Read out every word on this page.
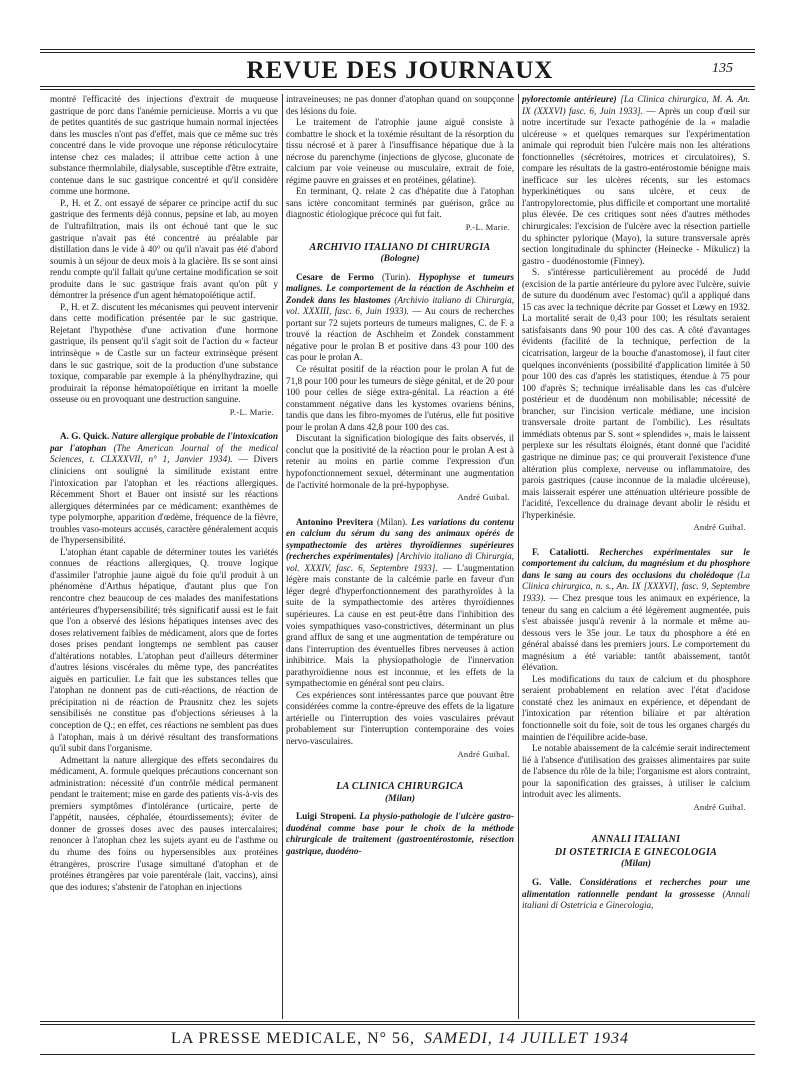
REVUE DES JOURNAUX	135

montré l'efficacité des injections d'extrait de muqueuse gastrique de porc dans l'anémie pernicieuse. Morris a vu que de petites quantités de suc gastrique humain normal injectées dans les muscles n'ont pas d'effet, mais que ce même suc très concentré dans le vide provoque une réponse réticulocytaire intense chez ces malades; il attribue cette action à une substance thermolabile, dialysable, susceptible d'être extraite, contenue dans le suc gastrique concentré et qu'il considère comme une hormone.

P., H. et Z. ont essayé de séparer ce principe actif du suc gastrique des ferments déjà connus, pepsine et lab, au moyen de l'ultrafiltration, mais ils ont échoué tant que le suc gastrique n'avait pas été concentré au préalable par distillation dans le vide à 40° ou qu'il n'avait pas été d'abord soumis à un séjour de deux mois à la glacière. Ils se sont ainsi rendu compte qu'il fallait qu'une certaine modification se soit produite dans le suc gastrique frais avant qu'on pût y démontrer la présence d'un agent hématopoïétique actif.

P., H. et Z. discutent les mécanismes qui peuvent intervenir dans cette modification présentée par le suc gastrique. Rejetant l'hypothèse d'une activation d'une hormone gastrique, ils pensent qu'il s'agit soit de l'action du « facteur intrinsèque » de Castle sur un facteur extrinsèque présent dans le suc gastrique, soit de la production d'une substance toxique, comparable par exemple à la phénylhydrazine, qui produirait la réponse hématopoïétique en irritant la moelle osseuse ou en provoquant une destruction sanguine.

P.-L. Marie.

A. G. Quick. Nature allergique probable de l'intoxication par l'atophan (The American Journal of the medical Sciences, t. CLXXXVII, n° 1, Janvier 1934). — Divers cliniciens ont souligné la similitude existant entre l'intoxication par l'atophan et les réactions allergiques. Récemment Short et Bauer ont insisté sur les réactions allergiques déterminées par ce médicament: exanthèmes de type polymorphe, apparition d'œdème, fréquence de la fièvre, troubles vaso-moteurs accusés, caractère généralement acquis de l'hypersensibilité.

L'atophan étant capable de déterminer toutes les variétés connues de réactions allergiques, Q. trouve logique d'assimiler l'atrophie jaune aiguë du foie qu'il produit à un phénomène d'Arthus hépatique, d'autant plus que l'on rencontre chez beaucoup de ces malades des manifestations antérieures d'hypersensibilité; très significatif aussi est le fait que l'on a observé des lésions hépatiques intenses avec des doses relativement faibles de médicament, alors que de fortes doses prises pendant longtemps ne semblent pas causer d'altérations notables. L'atophan peut d'ailleurs déterminer d'autres lésions viscérales du même type, des pancréatites aiguës en particulier. Le fait que les substances telles que l'atophan ne donnent pas de cuti-réactions, de réaction de précipitation ni de réaction de Prausnitz chez les sujets sensibilisés ne constitue pas d'objections sérieuses à la conception de Q.; en effet, ces réactions ne semblent pas dues à l'atophan, mais à un dérivé résultant des transformations qu'il subit dans l'organisme.

Admettant la nature allergique des effets secondaires du médicament, A. formule quelques précautions concernant son administration: nécessité d'un contrôle médical permanent pendant le traitement; mise en garde des patients vis-à-vis des premiers symptômes d'intolérance (urticaire, perte de l'appétit, nausées, céphalée, étourdissements); éviter de donner de grosses doses avec des pauses intercalaires; renoncer à l'atophan chez les sujets ayant eu de l'asthme ou du rhume des foins ou hypersensibles aux protéines étrangères, proscrire l'usage simultané d'atophan et de protéines étrangères par voie parentérale (lait, vaccins), ainsi que des iodures; s'abstenir de l'atophan en injections

intraveineuses; ne pas donner d'atophan quand on soupçonne des lésions du foie.

Le traitement de l'atrophie jaune aiguë consiste à combattre le shock et la toxémie résultant de la résorption du tissu nécrosé et à parer à l'insuffisance hépatique due à la nécrose du parenchyme (injections de glycose, gluconate de calcium par voie veineuse ou musculaire, extrait de foie, régime pauvre en graisses et en protéines, gélatine).

En terminant, Q. relate 2 cas d'hépatite due à l'atophan sans ictère concomitant terminés par guérison, grâce au diagnostic étiologique précoce qui fut fait.

P.-L. Marie.
ARCHIVIO ITALIANO DI CHIRURGIA
(Bologne)

Cesare de Fermo (Turin). Hypophyse et tumeurs malignes. Le comportement de la réaction de Aschheim et Zondek dans les blastomes (Archivio italiano di Chirurgia, vol. XXXIII, fasc. 6, Juin 1933). — Au cours de recherches portant sur 72 sujets porteurs de tumeurs malignes, C. de F. a trouvé la réaction de Aschheim et Zondek constamment négative pour le prolan B et positive dans 43 pour 100 des cas pour le prolan A.

Ce résultat positif de la réaction pour le prolan A fut de 71,8 pour 100 pour les tumeurs de siège génital, et de 20 pour 100 pour celles de siège extra-génital. La réaction a été constamment négative dans les kystomes ovariens bénins, tandis que dans les fibro-myomes de l'utérus, elle fut positive pour le prolan A dans 42,8 pour 100 des cas.

Discutant la signification biologique des faits observés, il conclut que la positivité de la réaction pour le prolan A est à retenir au moins en partie comme l'expression d'un hypofonctionnement sexuel, déterminant une augmentation de l'activité hormonale de la pré-hypophyse.

André Guibal.

Antonino Previtera (Milan). Les variations du contenu en calcium du sérum du sang des animaux opérés de sympathectomie des artères thyroïdiennes supérieures (recherches expérimentales) [Archivio italiano di Chirurgia, vol. XXXIV, fasc. 6, Septembre 1933]. — L'augmentation légère mais constante de la calcémie parle en faveur d'un léger degré d'hyperfonctionnement des parathyroïdes à la suite de la sympathectomie des artères thyroïdiennes supérieures. La cause en est peut-être dans l'inhibition des voies sympathiques vaso-constrictives, déterminant un plus grand afflux de sang et une augmentation de température ou dans l'interruption des éventuelles fibres nerveuses à action inhibitrice. Mais la physiopathologie de l'innervation parathyroïdienne nous est inconnue, et les effets de la sympathectomie en général sont peu clairs.

Ces expériences sont intéressantes parce que pouvant être considérées comme la contre-épreuve des effets de la ligature artérielle ou l'interruption des voies vasculaires prévaut probablement sur l'interruption contemporaine des voies nervo-vasculaires.

André Guibal.
LA CLINICA CHIRURGICA
(Milan)

Luigi Stropeni. La physio-pathologie de l'ulcère gastro-duodénal comme base pour le choix de la méthode chirurgicale de traitement (gastroentérostomie, résection gastrique, duodéno-

pylorectomie antérieure) [La Clinica chirurgica, M. A. An. IX (XXXVI) fasc. 6, Juin 1933]. — Après un coup d'œil sur notre incertitude sur l'exacte pathogénie de la « maladie ulcéreuse » et quelques remarques sur l'expérimentation animale qui reproduit bien l'ulcère mais non les altérations fonctionnelles (sécrétoires, motrices et circulatoires), S. compare les résultats de la gastro-entérostomie bénigne mais inefficace sur les ulcères récents, sur les estomacs hyperkinétiques ou sans ulcère, et ceux de l'antropylorectomie, plus difficile et comportant une mortalité plus élevée. De ces critiques sont nées d'autres méthodes chirurgicales: l'excision de l'ulcère avec la résection partielle du sphincter pylorique (Mayo), la suture transversale après section longitudinale du sphincter (Heinecke - Mikulicz) la gastro - duodénostomie (Finney).

S. s'intéresse particulièrement au procédé de Judd (excision de la partie antérieure du pylore avec l'ulcère, suivie de suture du duodénum avec l'estomac) qu'il a appliqué dans 15 cas avec la technique décrite par Gosset et Lœwy en 1932. La mortalité serait de 0,43 pour 100; les résultats seraient satisfaisants dans 90 pour 100 des cas. A côté d'avantages évidents (facilité de la technique, perfection de la cicatrisation, largeur de la bouche d'anastomose), il faut citer quelques inconvénients (possibilité d'application limitée à 50 pour 100 des cas d'après les statistiques, étendue à 75 pour 100 d'après S; technique irréalisable dans les cas d'ulcère postérieur et de duodénum non mobilisable; nécessité de brancher, sur l'incision verticale médiane, une incision transversale droite partant de l'ombilic). Les résultats immédiats obtenus par S. sont « splendides », mais le laissent perplexe sur les résultats éloignés, étant donné que l'acidité gastrique ne diminue pas; ce qui prouverait l'existence d'une altération plus complexe, nerveuse ou inflammatoire, des parois gastriques (cause inconnue de la maladie ulcéreuse), mais laisserait espérer une atténuation ultérieure possible de l'acidité, l'excellence du drainage devant abolir le résidu et l'hyperkinésie.

André Guibal.

F. Cataliotti. Recherches expérimentales sur le comportement du calcium, du magnésium et du phosphore dans le sang au cours des occlusions du cholédoque (La Clinica chirurgica, n. s., An. IX [XXXVI], fasc. 9, Septembre 1933). — Chez presque tous les animaux en expérience, la teneur du sang en calcium a été légèrement augmentée, puis s'est abaissée jusqu'à revenir à la normale et même au-dessous vers le 35e jour. Le taux du phosphore a été en général abaissé dans les premiers jours. Le comportement du magnésium a été variable: tantôt abaissement, tantôt élévation.

Les modifications du taux de calcium et du phosphore seraient probablement en relation avec l'état d'acidose constaté chez les animaux en expérience, et dépendant de l'intoxication par rétention biliaire et par altération fonctionnelle soit du foie, soit de tous les organes chargés du maintien de l'équilibre acide-base.

Le notable abaissement de la calcémie serait indirectement lié à l'absence d'utilisation des graisses alimentaires par suite de l'absence du rôle de la bile; l'organisme est alors contraint, pour la saponification des graisses, à utiliser le calcium introduit avec les aliments.

André Guibal.
ANNALI ITALIANI
DI OSTETRICIA E GINECOLOGIA
(Milan)

G. Valle. Considérations et recherches pour une alimentation rationnelle pendant la grossesse (Annali italiani di Ostetricia e Ginecologia,

LA PRESSE MEDICALE, N° 56, SAMEDI, 14 JUILLET 1934
